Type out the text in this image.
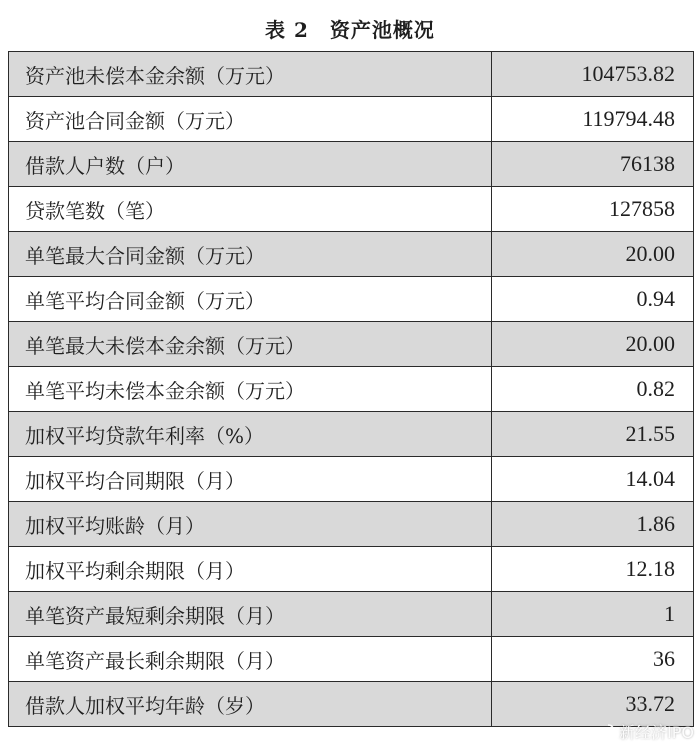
表 2　资产池概况
资产池未偿本金余额（万元）	104753.82
资产池合同金额（万元）	119794.48
借款人户数（户）	76138
贷款笔数（笔）	127858
单笔最大合同金额（万元）	20.00
单笔平均合同金额（万元）	0.94
单笔最大未偿本金余额（万元）	20.00
单笔平均未偿本金余额（万元）	0.82
加权平均贷款年利率（%）	21.55
加权平均合同期限（月）	14.04
加权平均账龄（月）	1.86
加权平均剩余期限（月）	12.18
单笔资产最短剩余期限（月）	1
单笔资产最长剩余期限（月）	36
借款人加权平均年龄（岁）	33.72
新经济IPO
